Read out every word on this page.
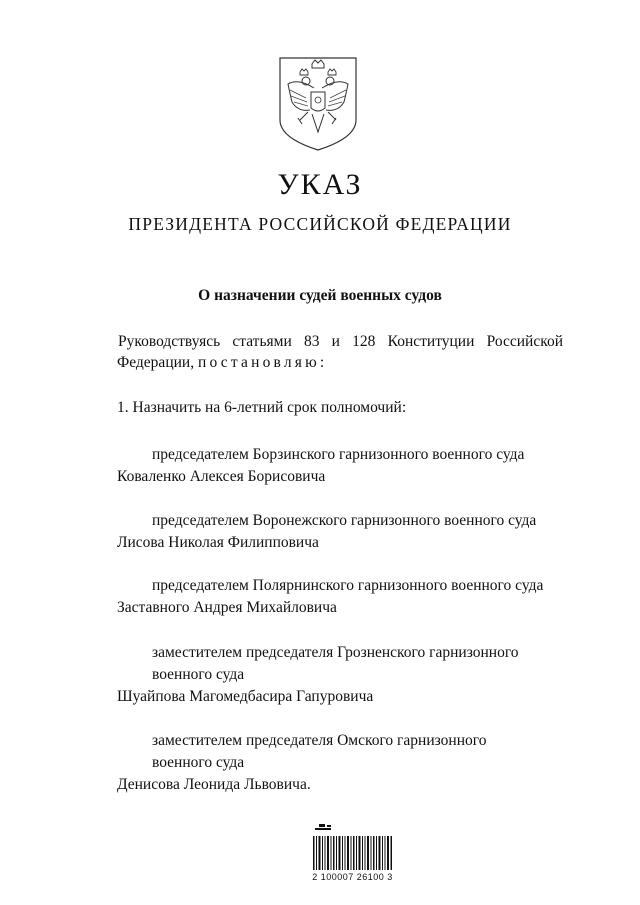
УКАЗ
ПРЕЗИДЕНТА РОССИЙСКОЙ ФЕДЕРАЦИИ
О назначении судей военных судов

Руководствуясь статьями 83 и 128 Конституции Российской
Федерации, постановляю:

1. Назначить на 6-летний срок полномочий:

председателем Борзинского гарнизонного военного суда
Коваленко Алексея Борисовича
председателем Воронежского гарнизонного военного суда
Лисова Николая Филипповича
председателем Полярнинского гарнизонного военного суда
Заставного Андрея Михайловича
заместителем председателя Грозненского гарнизонного
военного суда
Шуайпова Магомедбасира Гапуровича
заместителем председателя Омского гарнизонного
военного суда
Денисова Леонида Львовича.
2 100007 26100 3
